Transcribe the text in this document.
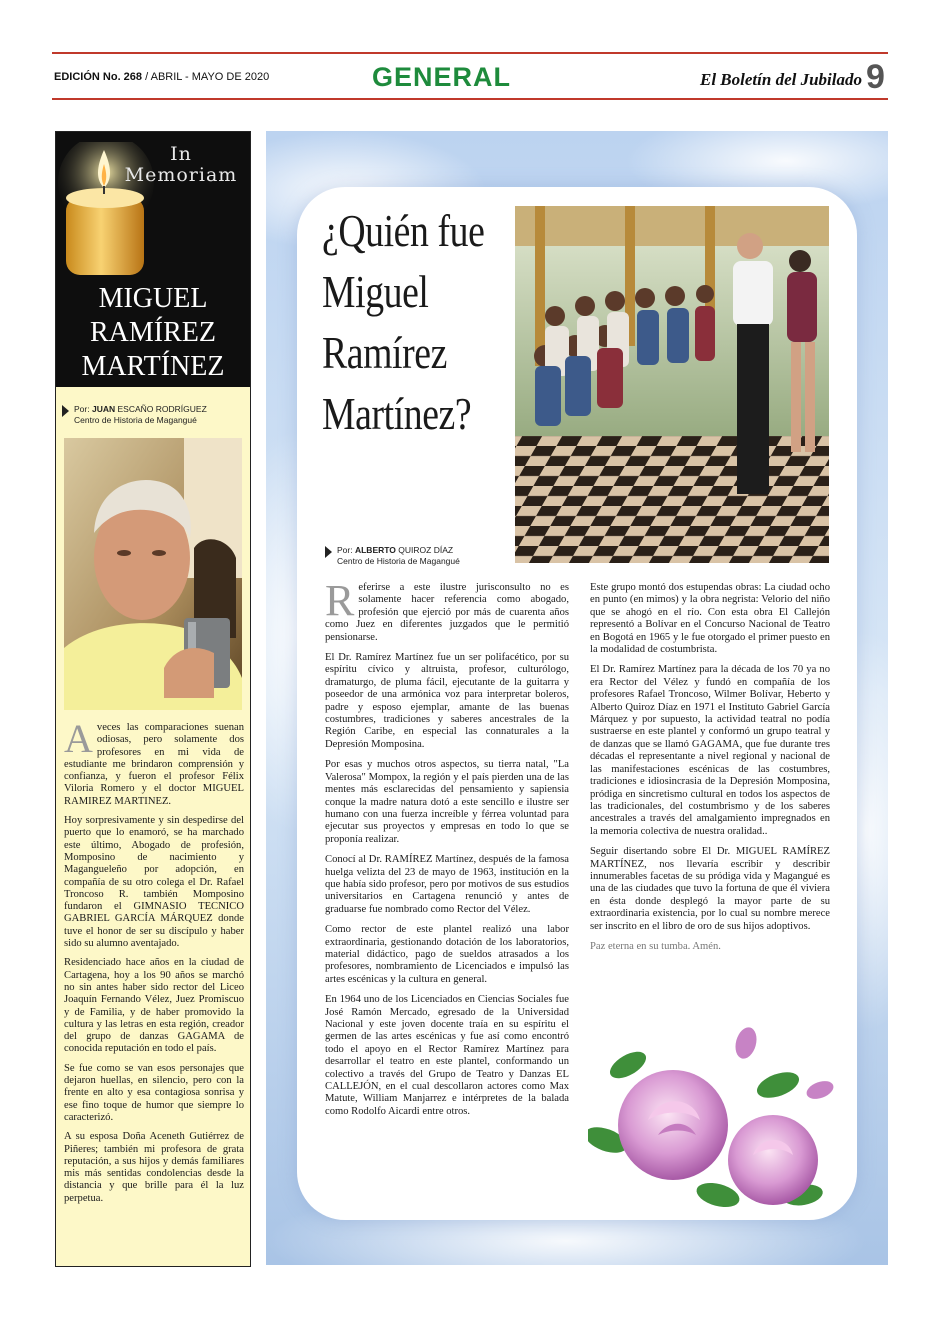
EDICIÓN No. 268 / ABRIL - MAYO DE 2020	GENERAL	El Boletín del Jubilado 9
In
Memoriam
MIGUEL
RAMÍREZ
MARTÍNEZ
Por: JUAN ESCAÑO RODRÍGUEZ
Centro de Historia de Magangué

A veces las comparaciones suenan odiosas, pero solamente dos profesores en mi vida de estudiante me brindaron comprensión y confianza, y fueron el profesor Félix Viloria Romero y el doctor MIGUEL RAMIREZ MARTINEZ.

Hoy sorpresivamente y sin despedirse del puerto que lo enamoró, se ha marchado este último, Abogado de profesión, Momposino de nacimiento y Magangueleño por adopción, en compañía de su otro colega el Dr. Rafael Troncoso R. también Momposino fundaron el GIMNASIO TECNICO GABRIEL GARCÍA MÁRQUEZ donde tuve el honor de ser su discípulo y haber sido su alumno aventajado.

Residenciado hace años en la ciudad de Cartagena, hoy a los 90 años se marchó no sin antes haber sido rector del Liceo Joaquín Fernando Vélez, Juez Promiscuo y de Familia, y de haber promovido la cultura y las letras en esta región, creador del grupo de danzas GAGAMA de conocida reputación en todo el país.

Se fue como se van esos personajes que dejaron huellas, en silencio, pero con la frente en alto y esa contagiosa sonrisa y ese fino toque de humor que siempre lo caracterizó.

A su esposa Doña Aceneth Gutiérrez de Piñeres; también mi profesora de grata reputación, a sus hijos y demás familiares mis más sentidas condolencias desde la distancia y que brille para él la luz perpetua.

¿Quién fue
Miguel
Ramírez
Martínez?
Por: ALBERTO QUIROZ DÍAZ
Centro de Historia de Magangué

R eferirse a este ilustre jurisconsulto no es solamente hacer referencia como abogado, profesión que ejerció por más de cuarenta años como Juez en diferentes juzgados que le permitió pensionarse.

El Dr. Ramírez Martínez fue un ser polifacético, por su espíritu cívico y altruista, profesor, culturólogo, dramaturgo, de pluma fácil, ejecutante de la guitarra y poseedor de una armónica voz para interpretar boleros, padre y esposo ejemplar, amante de las buenas costumbres, tradiciones y saberes ancestrales de la Región Caribe, en especial las connaturales a la Depresión Momposina.

Por esas y muchos otros aspectos, su tierra natal, "La Valerosa" Mompox, la región y el país pierden una de las mentes más esclarecidas del pensamiento y sapiensia conque la madre natura dotó a este sencillo e ilustre ser humano con una fuerza increíble y férrea voluntad para ejecutar sus proyectos y empresas en todo lo que se proponía realizar.

Conocí al Dr. RAMÍREZ Martínez, después de la famosa huelga velizta del 23 de mayo de 1963, institución en la que había sido profesor, pero por motivos de sus estudios universitarios en Cartagena renunció y antes de graduarse fue nombrado como Rector del Vélez.

Como rector de este plantel realizó una labor extraordinaria, gestionando dotación de los laboratorios, material didáctico, pago de sueldos atrasados a los profesores, nombramiento de Licenciados e impulsó las artes escénicas y la cultura en general.

En 1964 uno de los Licenciados en Ciencias Sociales fue José Ramón Mercado, egresado de la Universidad Nacional y este joven docente traía en su espíritu el germen de las artes escénicas y fue así como encontró todo el apoyo en el Rector Ramírez Martínez para desarrollar el teatro en este plantel, conformando un colectivo a través del Grupo de Teatro y Danzas EL CALLEJÓN, en el cual descollaron actores como Max Matute, William Manjarrez e intérpretes de la balada como Rodolfo Aicardi entre otros.

Este grupo montó dos estupendas obras: La ciudad ocho en punto (en mimos) y la obra negrista: Velorio del niño que se ahogó en el río. Con esta obra El Callejón representó a Bolívar en el Concurso Nacional de Teatro en Bogotá en 1965 y le fue otorgado el primer puesto en la modalidad de costumbrista.

El Dr. Ramírez Martínez para la década de los 70 ya no era Rector del Vélez y fundó en compañía de los profesores Rafael Troncoso, Wilmer Bolívar, Heberto y Alberto Quiroz Díaz en 1971 el Instituto Gabriel García Márquez y por supuesto, la actividad teatral no podía sustraerse en este plantel y conformó un grupo teatral y de danzas que se llamó GAGAMA, que fue durante tres décadas el representante a nivel regional y nacional de las manifestaciones escénicas de las costumbres, tradiciones e idiosincrasia de la Depresión Momposina, pródiga en sincretismo cultural en todos los aspectos de las tradicionales, del costumbrismo y de los saberes ancestrales a través del amalgamiento impregnados en la memoria colectiva de nuestra oralidad..

Seguir disertando sobre El Dr. MIGUEL RAMÍREZ MARTÍNEZ, nos llevaría escribir y describir innumerables facetas de su pródiga vida y Magangué es una de las ciudades que tuvo la fortuna de que él viviera en ésta donde desplegó la mayor parte de su extraordinaria existencia, por lo cual su nombre merece ser inscrito en el libro de oro de sus hijos adoptivos.

Paz eterna en su tumba. Amén.
